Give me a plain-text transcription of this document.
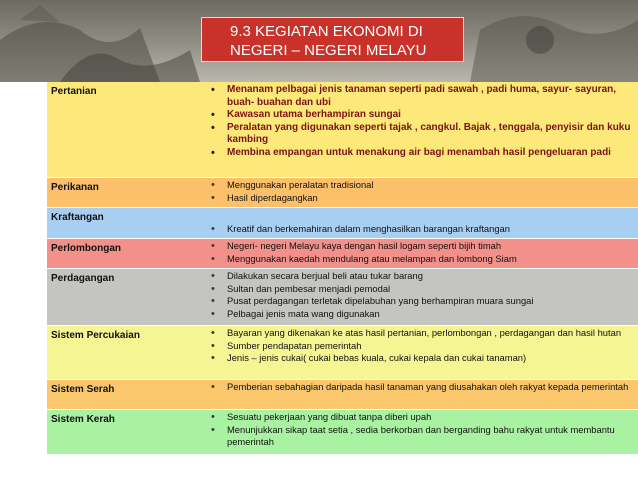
9.3 KEGIATAN EKONOMI DI
NEGERI – NEGERI MELAYU
Pertanian	• Menanam pelbagai jenis tanaman seperti padi sawah , padi huma, sayur- sayuran, buah- buahan dan ubi
• Kawasan utama berhampiran sungai
• Peralatan yang digunakan seperti tajak , cangkul. Bajak , tenggala, penyisir dan kuku kambing
• Membina empangan untuk menakung air bagi menambah hasil pengeluaran padi
Perikanan	• Menggunakan peralatan tradisional
• Hasil diperdagangkan
Kraftangan
• Kreatif dan berkemahiran dalam menghasilkan barangan kraftangan
Perlombongan	• Negeri- negeri Melayu kaya dengan hasil logam seperti bijih timah
• Menggunakan kaedah mendulang atau melampan dan lombong Siam
Perdagangan	• Dilakukan secara berjual beli atau tukar barang
• Sultan dan pembesar menjadi pemodal
• Pusat perdagangan terletak dipelabuhan yang berhampiran muara sungai
• Pelbagai jenis mata wang digunakan
Sistem Percukaian	• Bayaran yang dikenakan ke atas hasil pertanian, perlombongan , perdagangan dan hasil hutan
• Sumber pendapatan pemerintah
• Jenis – jenis cukai( cukai bebas kuala, cukai kepala dan cukai tanaman)
Sistem Serah	• Pemberian sebahagian daripada hasil tanaman yang diusahakan oleh rakyat kepada pemerintah
Sistem Kerah	• Sesuatu pekerjaan yang dibuat tanpa diberi upah
• Menunjukkan sikap taat setia , sedia berkorban dan berganding bahu rakyat untuk membantu pemerintah
